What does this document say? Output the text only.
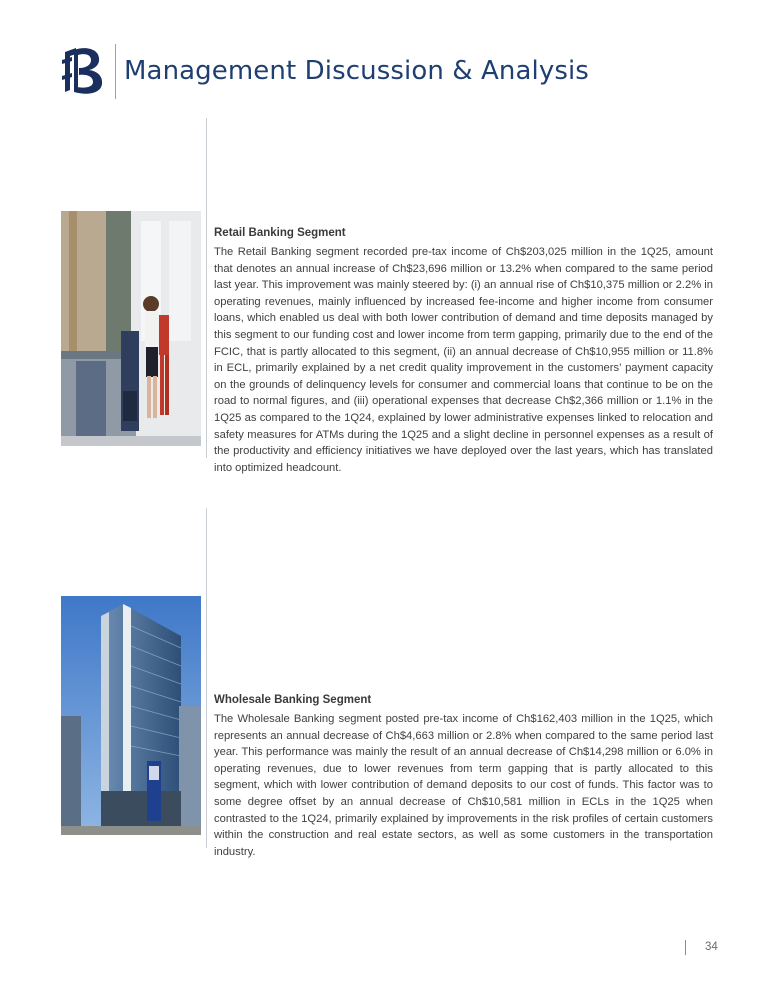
Management Discussion & Analysis
Retail Banking Segment
The Retail Banking segment recorded pre-tax income of Ch$203,025 million in the 1Q25, amount that denotes an annual increase of Ch$23,696 million or 13.2% when compared to the same period last year. This improvement was mainly steered by: (i) an annual rise of Ch$10,375 million or 2.2% in operating revenues, mainly influenced by increased fee-income and higher income from consumer loans, which enabled us deal with both lower contribution of demand and time deposits managed by this segment to our funding cost and lower income from term gapping, primarily due to the end of the FCIC, that is partly allocated to this segment, (ii) an annual decrease of Ch$10,955 million or 11.8% in ECL, primarily explained by a net credit quality improvement in the customers’ payment capacity on the grounds of delinquency levels for consumer and commercial loans that continue to be on the road to normal figures, and (iii) operational expenses that decrease Ch$2,366 million or 1.1% in the 1Q25 as compared to the 1Q24, explained by lower administrative expenses linked to relocation and safety measures for ATMs during the 1Q25 and a slight decline in personnel expenses as a result of the productivity and efficiency initiatives we have deployed over the last years, which has translated into optimized headcount.
Wholesale Banking Segment
The Wholesale Banking segment posted pre-tax income of Ch$162,403 million in the 1Q25, which represents an annual decrease of Ch$4,663 million or 2.8% when compared to the same period last year. This performance was mainly the result of an annual decrease of Ch$14,298 million or 6.0% in operating revenues, due to lower revenues from term gapping that is partly allocated to this segment, which with lower contribution of demand deposits to our cost of funds. This factor was to some degree offset by an annual decrease of Ch$10,581 million in ECLs in the 1Q25 when contrasted to the 1Q24, primarily explained by improvements in the risk profiles of certain customers within the construction and real estate sectors, as well as some customers in the transportation industry.
34
